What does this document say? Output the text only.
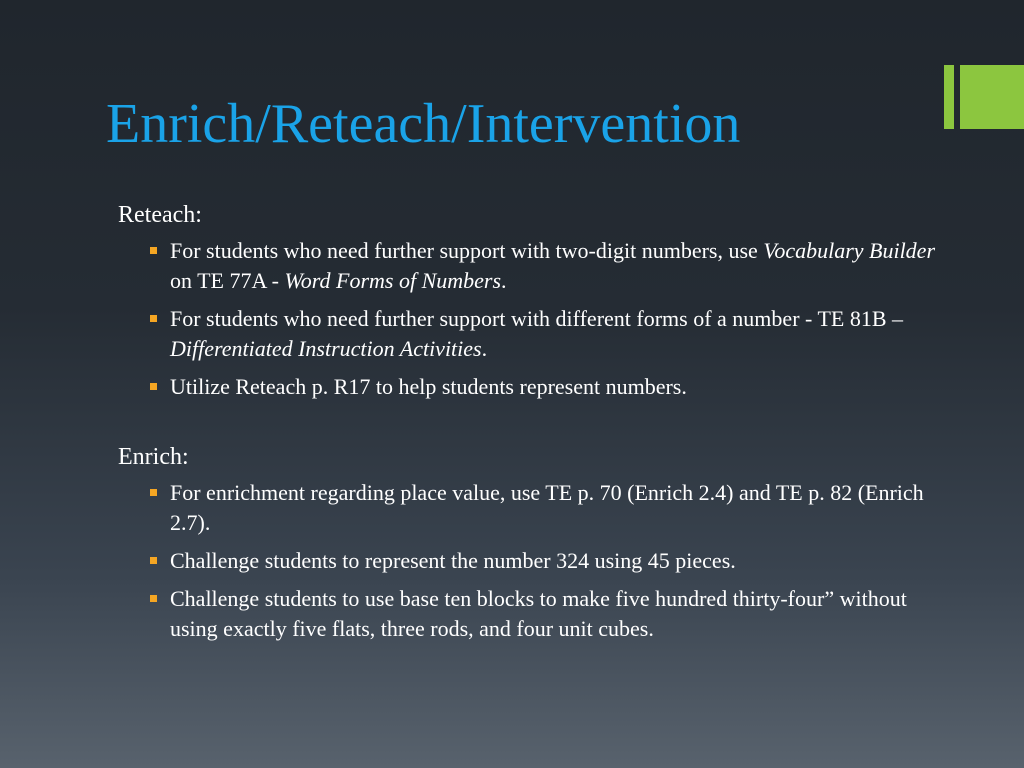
Enrich/Reteach/Intervention

Reteach:

For students who need further support with two-digit numbers, use Vocabulary Builder on TE 77A - Word Forms of Numbers.
For students who need further support with different forms of a number - TE 81B – Differentiated Instruction Activities.
Utilize Reteach p. R17 to help students represent numbers.

Enrich:

For enrichment regarding place value, use TE p. 70 (Enrich 2.4) and TE p. 82 (Enrich 2.7).
Challenge students to represent the number 324 using 45 pieces.
Challenge students to use base ten blocks to make five hundred thirty-four” without using exactly five flats, three rods, and four unit cubes.
